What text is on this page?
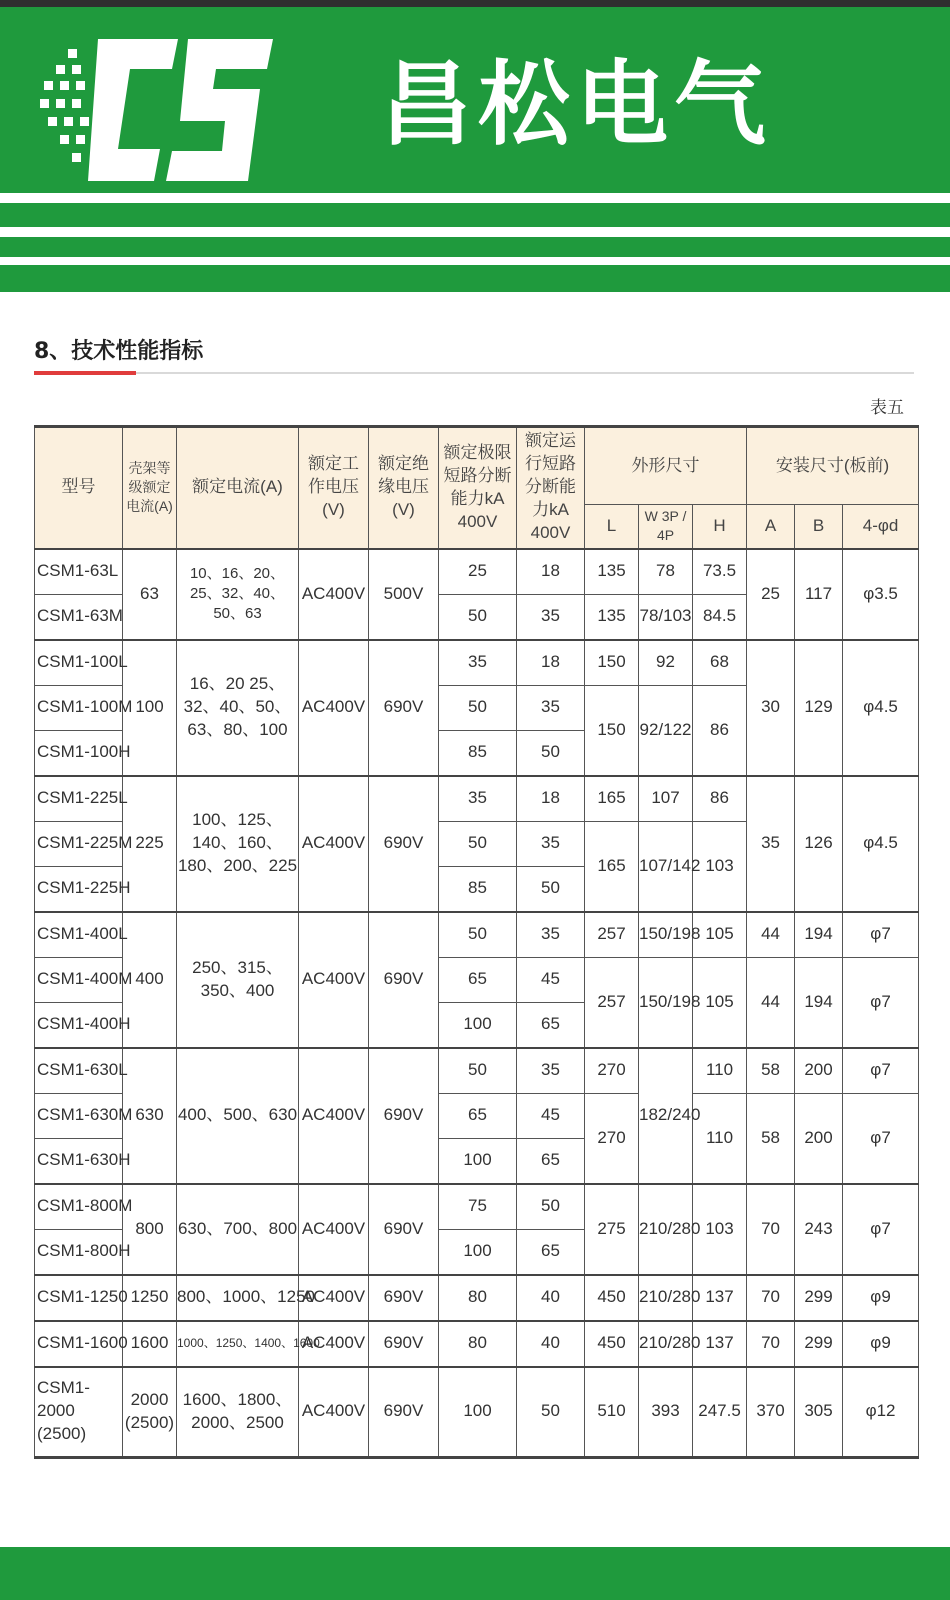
昌松电气
8、技术性能指标
表五
型号	壳架等级额定电流(A)	额定电流(A)	额定工作电压(V)	额定绝缘电压(V)	额定极限短路分断能力kA 400V	额定运行短路分断能力kA 400V	外形尺寸			安装尺寸(板前)		
							L	W 3P / 4P	H	A	B	4-φd
CSM1-63L	63	10、16、20、25、32、40、50、63	AC400V	500V	25	18	135	78	73.5	25	117	φ3.5
CSM1-63M					50	35	135	78/103	84.5			
CSM1-100L	100	16、20 25、32、40、50、63、80、100	AC400V	690V	35	18	150	92	68	30	129	φ4.5
CSM1-100M					50	35	150	92/122	86			
CSM1-100H					85	50						
CSM1-225L	225	100、125、140、160、180、200、225	AC400V	690V	35	18	165	107	86	35	126	φ4.5
CSM1-225M					50	35	165	107/142	103			
CSM1-225H					85	50						
CSM1-400L	400	250、315、350、400	AC400V	690V	50	35	257	150/198	105	44	194	φ7
CSM1-400M					65	45	257	150/198	105	44	194	φ7
CSM1-400H					100	65						
CSM1-630L	630	400、500、630	AC400V	690V	50	35	270	182/240	110	58	200	φ7
CSM1-630M					65	45	270		110	58	200	φ7
CSM1-630H					100	65						
CSM1-800M	800	630、700、800	AC400V	690V	75	50	275	210/280	103	70	243	φ7
CSM1-800H					100	65						
CSM1-1250	1250	800、1000、1250	AC400V	690V	80	40	450	210/280	137	70	299	φ9
CSM1-1600	1600	1000、1250、1400、1600	AC400V	690V	80	40	450	210/280	137	70	299	φ9
CSM1-2000 (2500)	2000 (2500)	1600、1800、2000、2500	AC400V	690V	100	50	510	393	247.5	370	305	φ12
